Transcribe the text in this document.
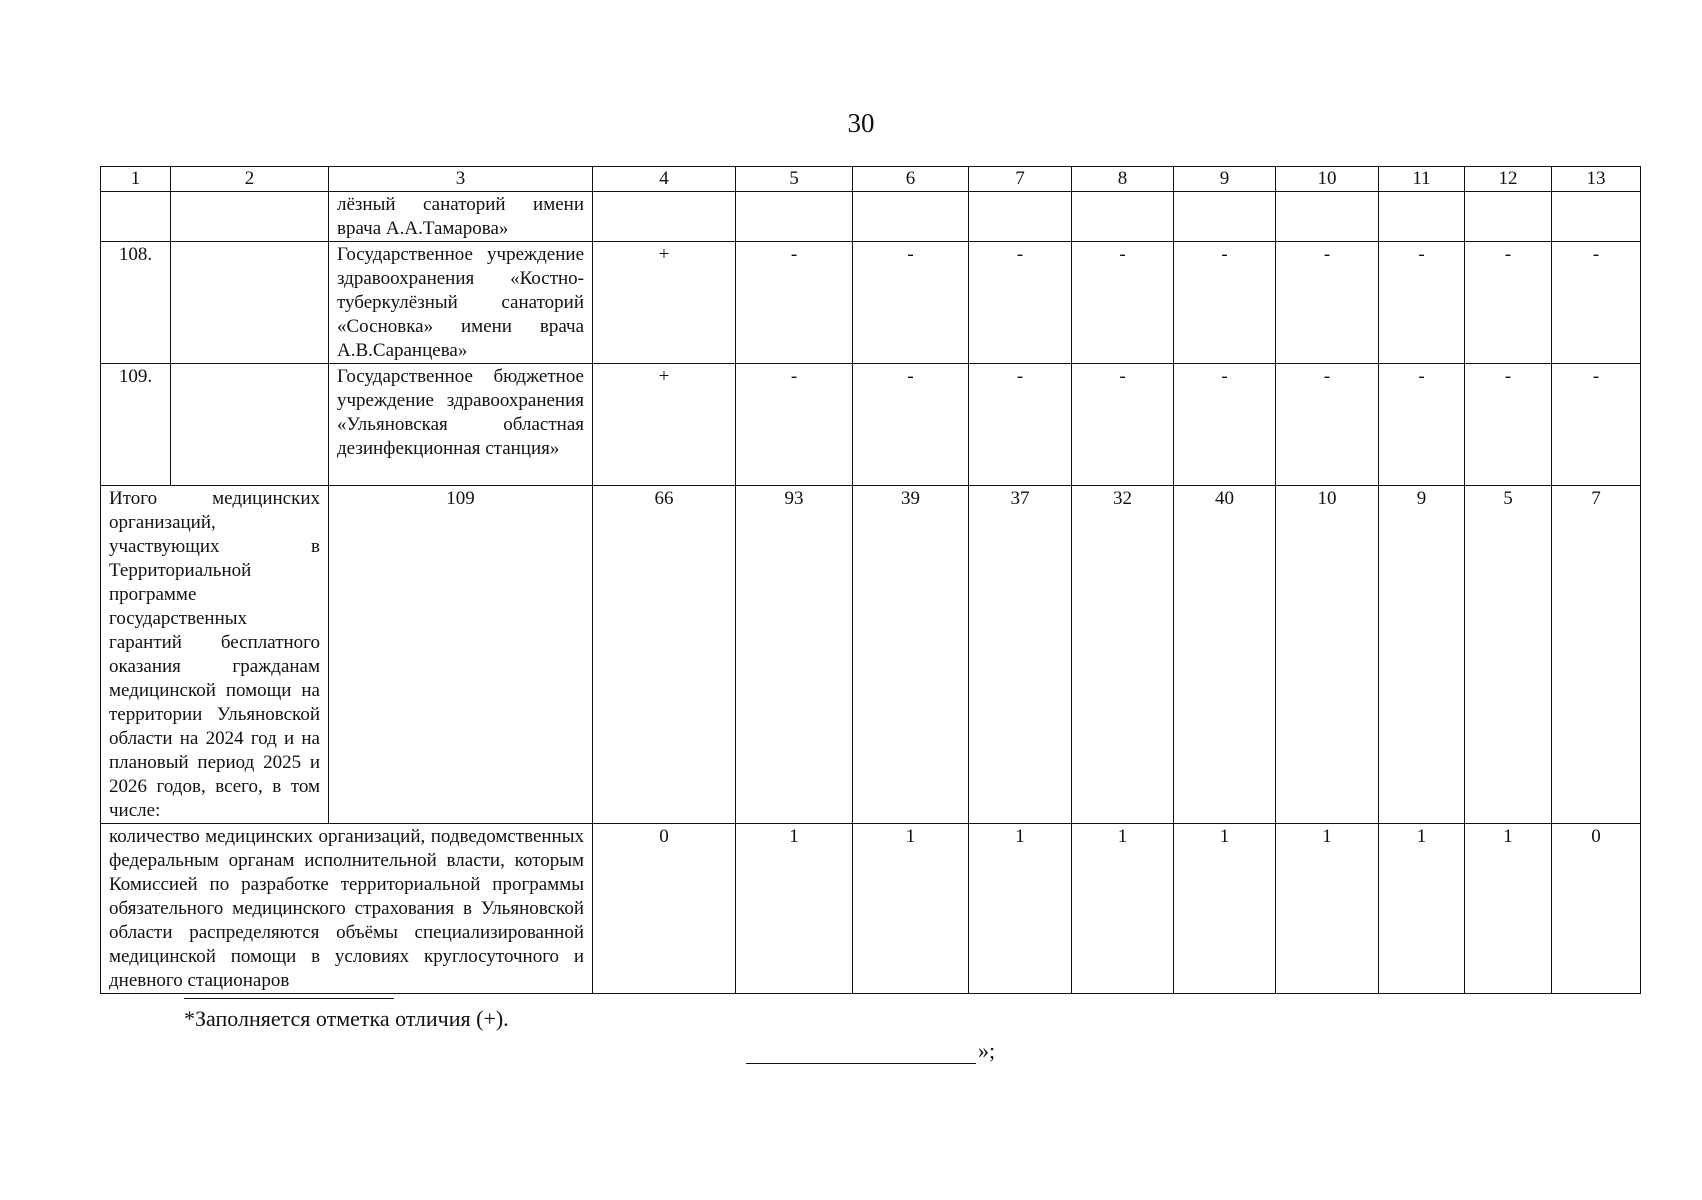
30
1	2	3	4	5	6	7	8	9	10	11	12	13
		лёзный санаторий имени врача А.А.Тамарова»										
108.		Государственное учреждение здравоохранения «Костно-туберкулёзный санаторий «Сосновка» имени врача А.В.Саранцева»	+	-	-	-	-	-	-	-	-	-
109.		Государственное бюджетное учреждение здравоохранения «Ульяновская областная дезинфекционная станция»	+	-	-	-	-	-	-	-	-	-
Итого медицинских организаций, участвующих в Территориальной программе государственных гарантий бесплатного оказания гражданам медицинской помощи на территории Ульяновской области на 2024 год и на плановый период 2025 и 2026 годов, всего, в том числе:		109	66	93	39	37	32	40	10	9	5	7
количество медицинских организаций, подведомственных федеральным органам исполнительной власти, которым Комиссией по разработке территориальной программы обязательного медицинского страхования в Ульяновской области распределяются объёмы специализированной медицинской помощи в условиях круглосуточного и дневного стационаров			0	1	1	1	1	1	1	1	1	0
*Заполняется отметка отличия (+).
»;
